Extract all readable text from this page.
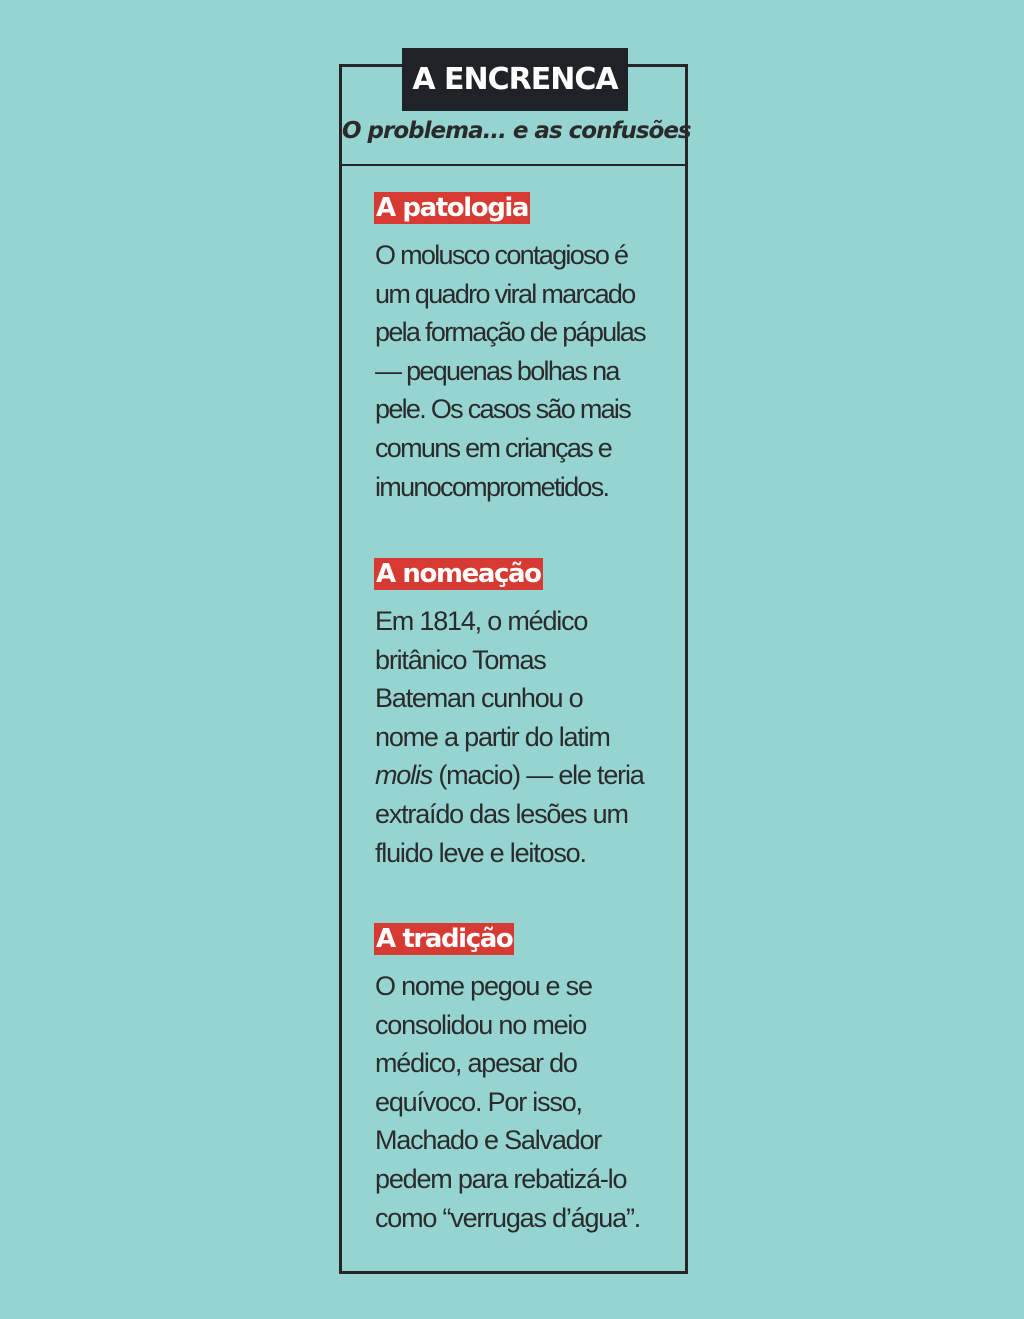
A ENCRENCA
O problema... e as confusões
A patologia
O molusco contagioso é
um quadro viral marcado
pela formação de pápulas
— pequenas bolhas na
pele. Os casos são mais
comuns em crianças e
imunocomprometidos.
A nomeação
Em 1814, o médico
britânico Tomas
Bateman cunhou o
nome a partir do latim
molis (macio) — ele teria
extraído das lesões um
fluido leve e leitoso.
A tradição
O nome pegou e se
consolidou no meio
médico, apesar do
equívoco. Por isso,
Machado e Salvador
pedem para rebatizá-lo
como “verrugas d’água”.
